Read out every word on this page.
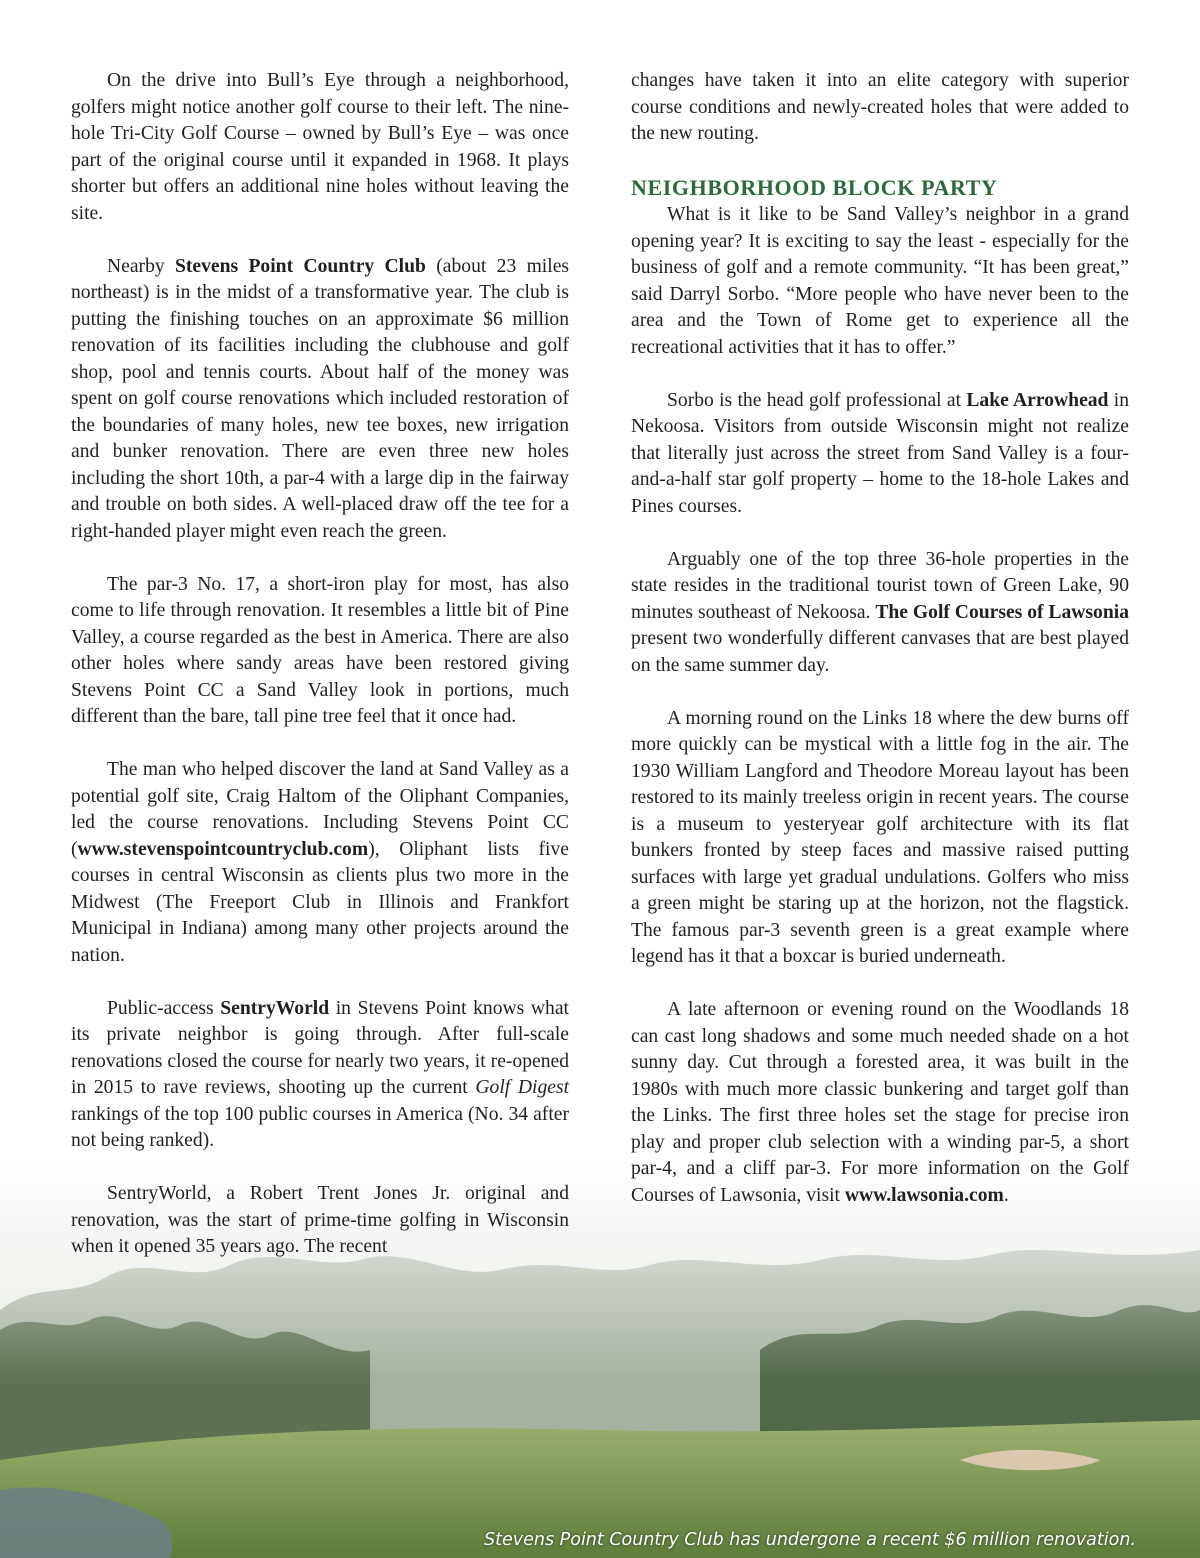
On the drive into Bull’s Eye through a neighborhood, golfers might notice another golf course to their left. The nine-hole Tri-City Golf Course – owned by Bull’s Eye – was once part of the original course until it expanded in 1968. It plays shorter but offers an additional nine holes without leaving the site.

Nearby Stevens Point Country Club (about 23 miles northeast) is in the midst of a transformative year. The club is putting the finishing touches on an approximate $6 million renovation of its facilities including the clubhouse and golf shop, pool and tennis courts. About half of the money was spent on golf course renovations which included restoration of the boundaries of many holes, new tee boxes, new irrigation and bunker renovation. There are even three new holes including the short 10th, a par-4 with a large dip in the fairway and trouble on both sides. A well-placed draw off the tee for a right-handed player might even reach the green.

The par-3 No. 17, a short-iron play for most, has also come to life through renovation. It resembles a little bit of Pine Valley, a course regarded as the best in America. There are also other holes where sandy areas have been restored giving Stevens Point CC a Sand Valley look in portions, much different than the bare, tall pine tree feel that it once had.

The man who helped discover the land at Sand Valley as a potential golf site, Craig Haltom of the Oliphant Companies, led the course renovations. Including Stevens Point CC (www.stevenspointcountryclub.com), Oliphant lists five courses in central Wisconsin as clients plus two more in the Midwest (The Freeport Club in Illinois and Frankfort Municipal in Indiana) among many other projects around the nation.

Public-access SentryWorld in Stevens Point knows what its private neighbor is going through. After full-scale renovations closed the course for nearly two years, it re-opened in 2015 to rave reviews, shooting up the current Golf Digest rankings of the top 100 public courses in America (No. 34 after not being ranked).

SentryWorld, a Robert Trent Jones Jr. original and renovation, was the start of prime-time golfing in Wisconsin when it opened 35 years ago. The recent

changes have taken it into an elite category with superior course conditions and newly-created holes that were added to the new routing.

NEIGHBORHOOD BLOCK PARTY

What is it like to be Sand Valley’s neighbor in a grand opening year? It is exciting to say the least - especially for the business of golf and a remote community. “It has been great,” said Darryl Sorbo. “More people who have never been to the area and the Town of Rome get to experience all the recreational activities that it has to offer.”

Sorbo is the head golf professional at Lake Arrowhead in Nekoosa. Visitors from outside Wisconsin might not realize that literally just across the street from Sand Valley is a four-and-a-half star golf property – home to the 18-hole Lakes and Pines courses.

Arguably one of the top three 36-hole properties in the state resides in the traditional tourist town of Green Lake, 90 minutes southeast of Nekoosa. The Golf Courses of Lawsonia present two wonderfully different canvases that are best played on the same summer day.

A morning round on the Links 18 where the dew burns off more quickly can be mystical with a little fog in the air. The 1930 William Langford and Theodore Moreau layout has been restored to its mainly treeless origin in recent years. The course is a museum to yesteryear golf architecture with its flat bunkers fronted by steep faces and massive raised putting surfaces with large yet gradual undulations. Golfers who miss a green might be staring up at the horizon, not the flagstick. The famous par-3 seventh green is a great example where legend has it that a boxcar is buried underneath.

A late afternoon or evening round on the Woodlands 18 can cast long shadows and some much needed shade on a hot sunny day. Cut through a forested area, it was built in the 1980s with much more classic bunkering and target golf than the Links. The first three holes set the stage for precise iron play and proper club selection with a winding par-5, a short par-4, and a cliff par-3. For more information on the Golf Courses of Lawsonia, visit www.lawsonia.com.

Stevens Point Country Club has undergone a recent $6 million renovation.
